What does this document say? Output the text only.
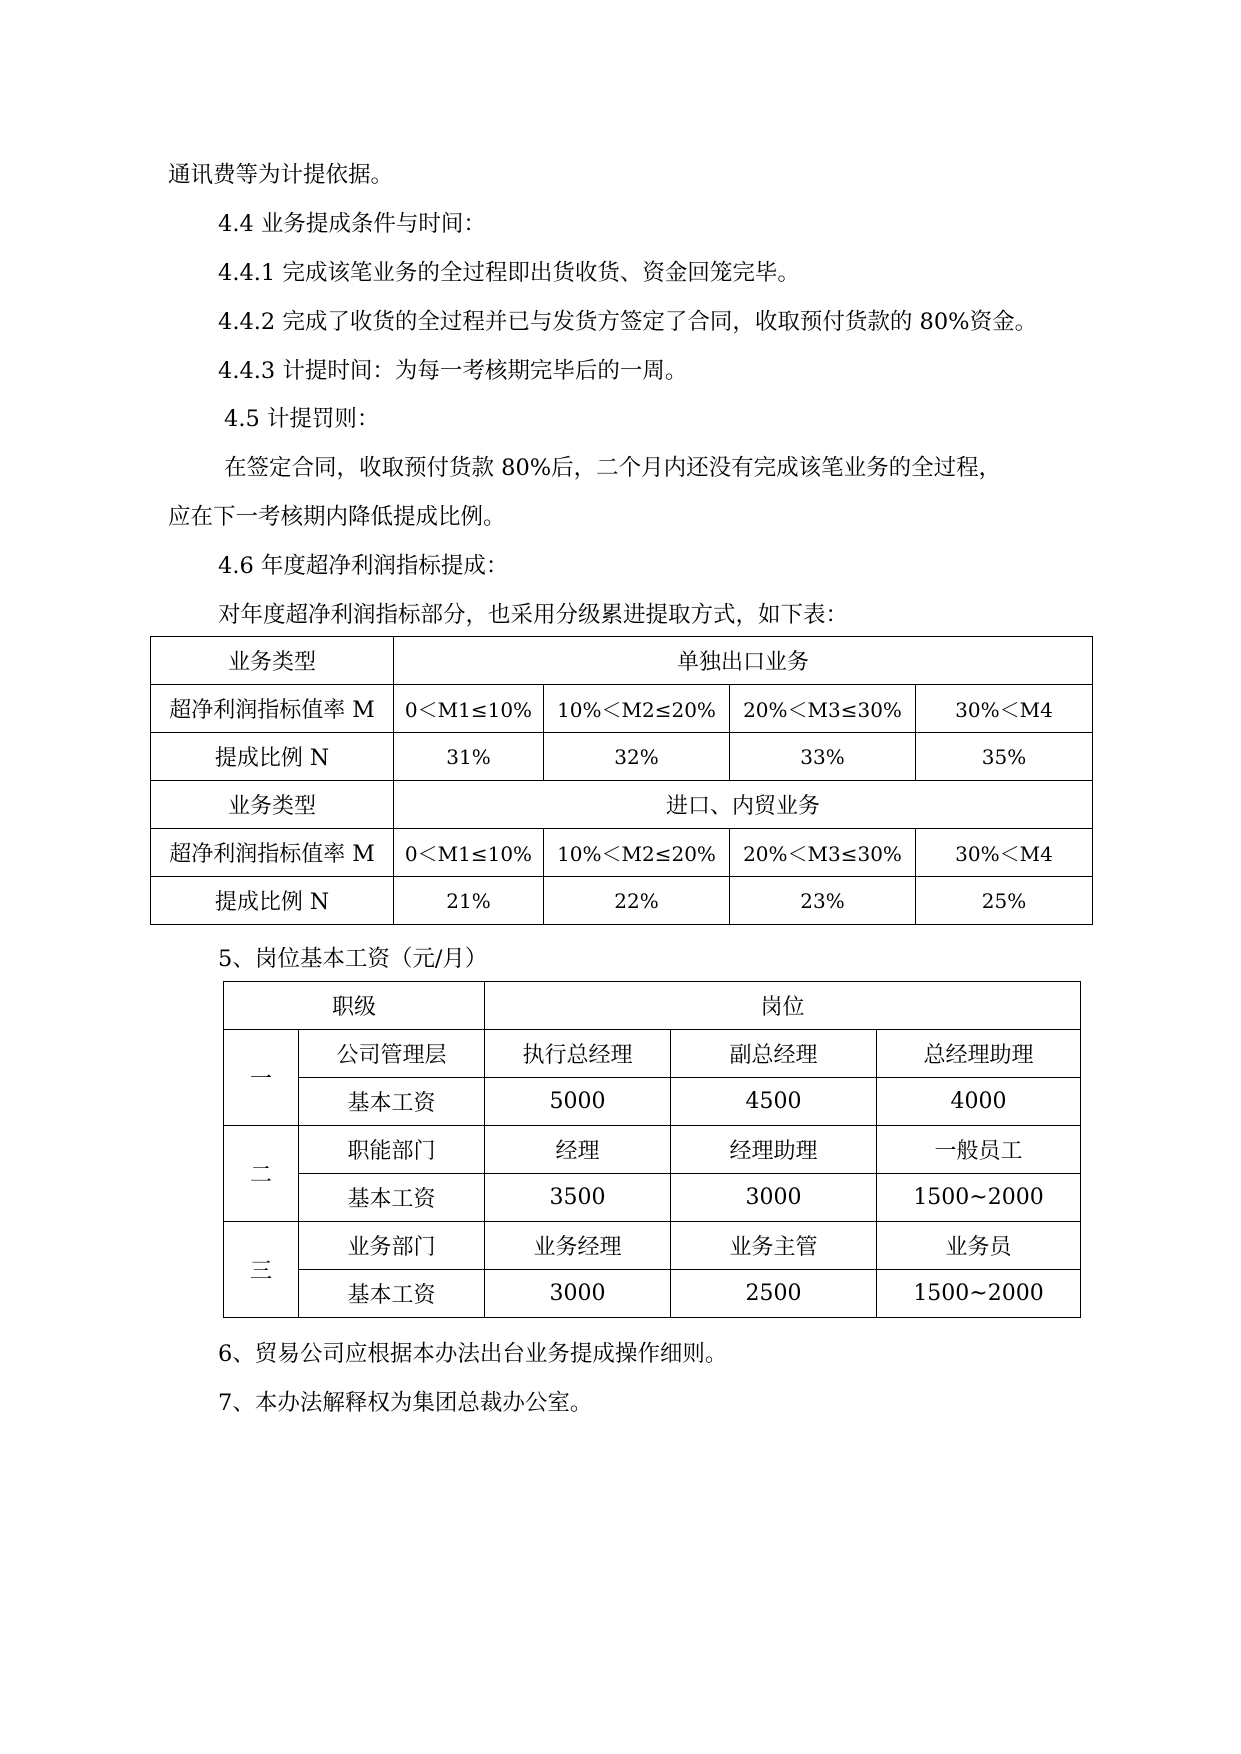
通讯费等为计提依据。
4.4 业务提成条件与时间：
4.4.1 完成该笔业务的全过程即出货收货、资金回笼完毕。
4.4.2 完成了收货的全过程并已与发货方签定了合同，收取预付货款的 80%资金。
4.4.3 计提时间：为每一考核期完毕后的一周。
4.5 计提罚则：
在签定合同，收取预付货款 80%后，二个月内还没有完成该笔业务的全过程，
应在下一考核期内降低提成比例。
4.6 年度超净利润指标提成：
对年度超净利润指标部分，也采用分级累进提取方式，如下表：
业务类型	单独出口业务			
超净利润指标值率 M	0＜M1≤10%	10%＜M2≤20%	20%＜M3≤30%	30%＜M4
提成比例 N	31%	32%	33%	35%
业务类型	进口、内贸业务			
超净利润指标值率 M	0＜M1≤10%	10%＜M2≤20%	20%＜M3≤30%	30%＜M4
提成比例 N	21%	22%	23%	25%
5、岗位基本工资（元/月）
职级		岗位		
一	公司管理层	执行总经理	副总经理	总经理助理
	基本工资	5000	4500	4000
二	职能部门	经理	经理助理	一般员工
	基本工资	3500	3000	1500~2000
三	业务部门	业务经理	业务主管	业务员
	基本工资	3000	2500	1500~2000
6、贸易公司应根据本办法出台业务提成操作细则。
7、本办法解释权为集团总裁办公室。
